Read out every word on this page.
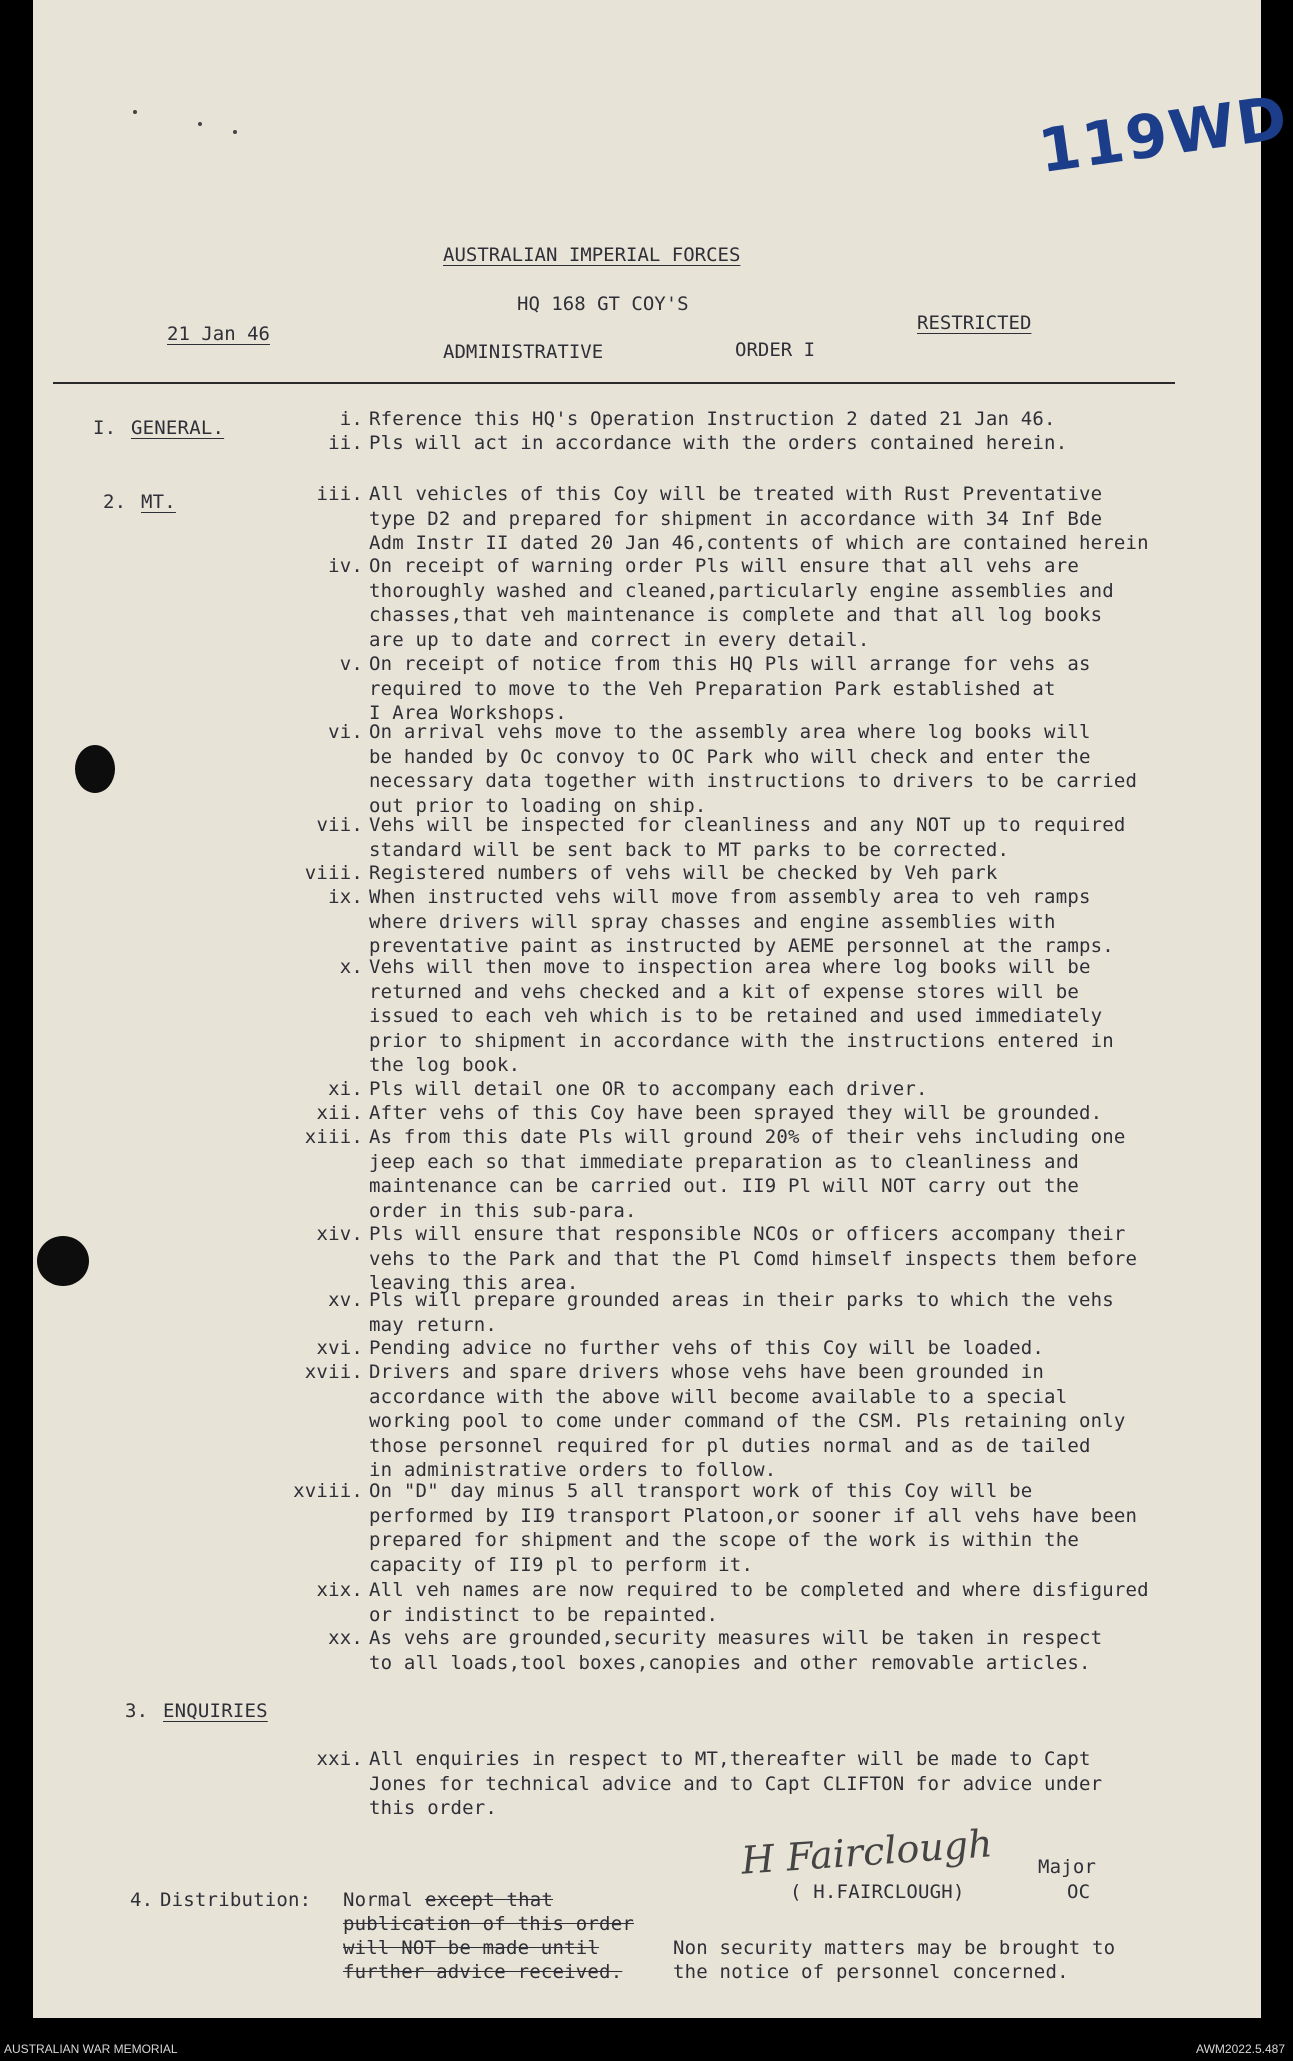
119WD
AUSTRALIAN IMPERIAL FORCES
HQ 168 GT COY'S
21 Jan 46	RESTRICTED
ADMINISTRATIVE	ORDER I
I. GENERAL.
2. MT.
3. ENQUIRIES
i. Rference this HQ's Operation Instruction 2 dated 21 Jan 46.
ii. Pls will act in accordance with the orders contained herein.
iii. All vehicles of this Coy will be treated with Rust Preventative
type D2 and prepared for shipment in accordance with 34 Inf Bde
Adm Instr II dated 20 Jan 46,contents of which are contained herein
iv. On receipt of warning order Pls will ensure that all vehs are
thoroughly washed and cleaned,particularly engine assemblies and
chasses,that veh maintenance is complete and that all log books
are up to date and correct in every detail.
v. On receipt of notice from this HQ Pls will arrange for vehs as
required to move to the Veh Preparation Park established at
I Area Workshops.
vi. On arrival vehs move to the assembly area where log books will
be handed by Oc convoy to OC Park who will check and enter the
necessary data together with instructions to drivers to be carried
out prior to loading on ship.
vii. Vehs will be inspected for cleanliness and any NOT up to required
standard will be sent back to MT parks to be corrected.
viii. Registered numbers of vehs will be checked by Veh park
ix. When instructed vehs will move from assembly area to veh ramps
where drivers will spray chasses and engine assemblies with
preventative paint as instructed by AEME personnel at the ramps.
x. Vehs will then move to inspection area where log books will be
returned and vehs checked and a kit of expense stores will be
issued to each veh which is to be retained and used immediately
prior to shipment in accordance with the instructions entered in
the log book.
xi. Pls will detail one OR to accompany each driver.
xii. After vehs of this Coy have been sprayed they will be grounded.
xiii. As from this date Pls will ground 20% of their vehs including one
jeep each so that immediate preparation as to cleanliness and
maintenance can be carried out. II9 Pl will NOT carry out the
order in this sub-para.
xiv. Pls will ensure that responsible NCOs or officers accompany their
vehs to the Park and that the Pl Comd himself inspects them before
leaving this area.
xv. Pls will prepare grounded areas in their parks to which the vehs
may return.
xvi. Pending advice no further vehs of this Coy will be loaded.
xvii. Drivers and spare drivers whose vehs have been grounded in
accordance with the above will become available to a special
working pool to come under command of the CSM. Pls retaining only
those personnel required for pl duties normal and as de tailed
in administrative orders to follow.
xviii. On "D" day minus 5 all transport work of this Coy will be
performed by II9 transport Platoon,or sooner if all vehs have been
prepared for shipment and the scope of the work is within the
capacity of II9 pl to perform it.
xix. All veh names are now required to be completed and where disfigured
or indistinct to be repainted.
xx. As vehs are grounded,security measures will be taken in respect
to all loads,tool boxes,canopies and other removable articles.
xxi. All enquiries in respect to MT,thereafter will be made to Capt
Jones for technical advice and to Capt CLIFTON for advice under
this order.
4. Distribution: Normal except that
publication of this order
will NOT be made until
further advice received.
Non security matters may be brought to
the notice of personnel concerned.
H Fairclough Major
( H.FAIRCLOUGH)	OC
AUSTRALIAN WAR MEMORIAL	AWM2022.5.487
